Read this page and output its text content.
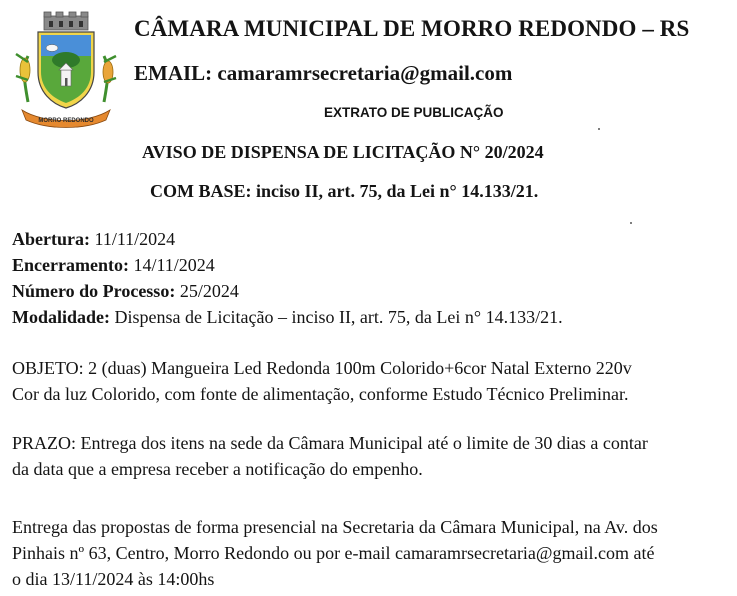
MORRO REDONDO
CÂMARA MUNICIPAL DE MORRO REDONDO – RS
EMAIL: camaramrsecretaria@gmail.com
EXTRATO DE PUBLICAÇÃO
AVISO DE DISPENSA DE LICITAÇÃO N° 20/2024
COM BASE: inciso II, art. 75, da Lei n° 14.133/21.
Abertura: 11/11/2024
Encerramento: 14/11/2024
Número do Processo: 25/2024
Modalidade: Dispensa de Licitação – inciso II, art. 75, da Lei n° 14.133/21.
OBJETO: 2 (duas) Mangueira Led Redonda 100m Colorido+6cor Natal Externo 220v
Cor da luz Colorido, com fonte de alimentação, conforme Estudo Técnico Preliminar.
PRAZO: Entrega dos itens na sede da Câmara Municipal até o limite de 30 dias a contar
da data que a empresa receber a notificação do empenho.
Entrega das propostas de forma presencial na Secretaria da Câmara Municipal, na Av. dos
Pinhais nº 63, Centro, Morro Redondo ou por e-mail camaramrsecretaria@gmail.com até
o dia 13/11/2024 às 14:00hs
